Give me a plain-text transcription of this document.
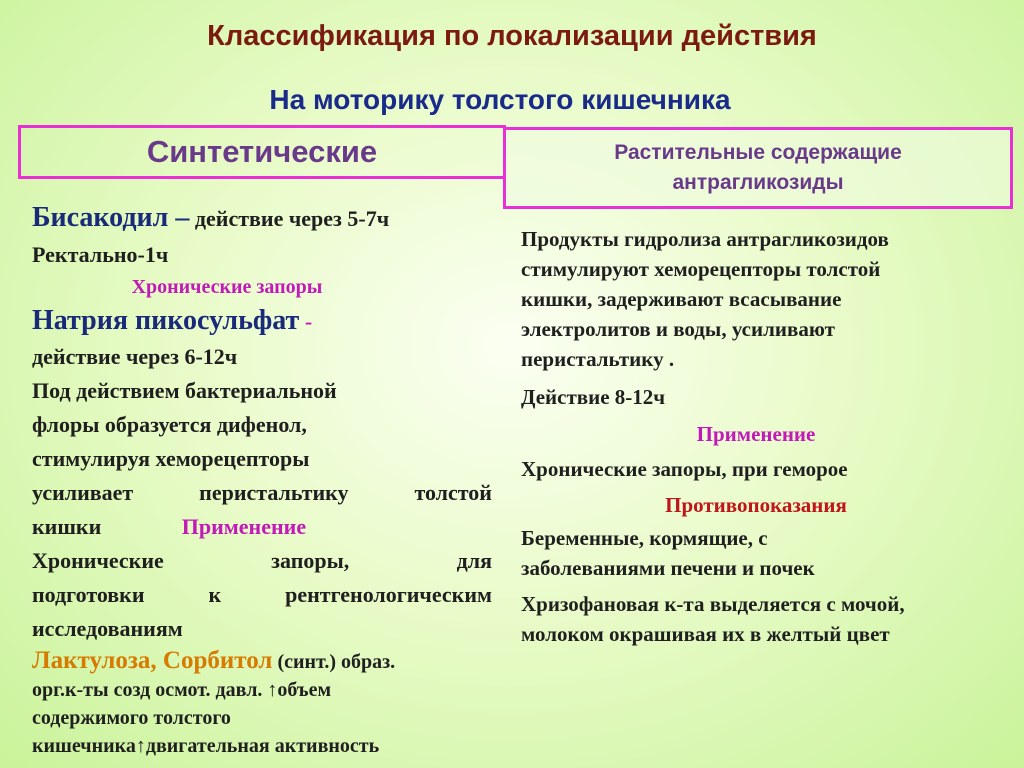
Классификация по локализации действия
На моторику толстого кишечника
Синтетические	Растительные содержащие
антрагликозиды
Бисакодил – действие через 5-7ч
Ректально-1ч
Хронические запоры
Натрия пикосульфат -
действие через 6-12ч
Под действием бактериальной
флоры образуется дифенол,
стимулируя хеморецепторы
усиливает	перистальтику	толстой
кишки	Применение
Хронические	запоры,	для
подготовки	к	рентгенологическим
исследованиям
Лактулоза, Сорбитол (синт.) образ.
орг.к-ты созд осмот. давл. ↑объем
содержимого толстого
кишечника↑двигательная активность
Продукты гидролиза антрагликозидов
стимулируют хеморецепторы толстой
кишки, задерживают всасывание
электролитов и воды, усиливают
перистальтику .
Действие 8-12ч
Применение
Хронические запоры, при геморое
Противопоказания
Беременные, кормящие, с
заболеваниями печени и почек
Хризофановая к-та выделяется с мочой,
молоком окрашивая их в желтый цвет
